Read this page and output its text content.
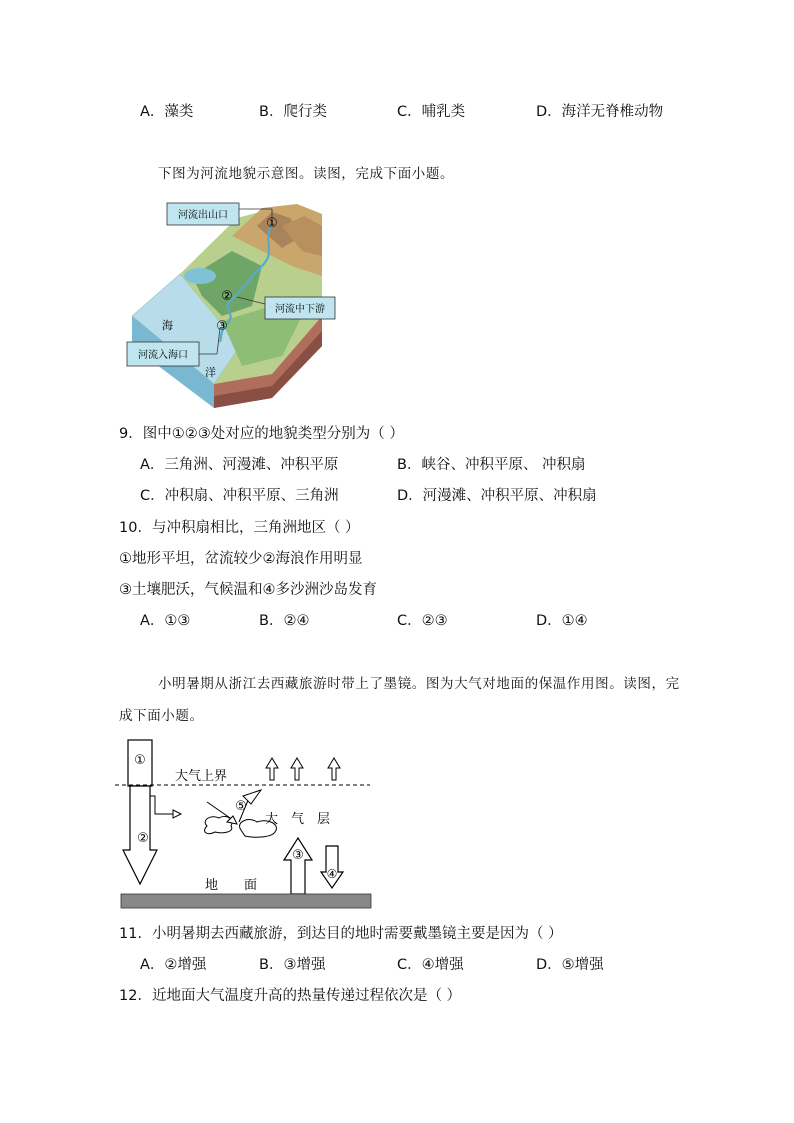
A．藻类	B．爬行类	C．哺乳类	D．海洋无脊椎动物
下图为河流地貌示意图。读图，完成下面小题。
河流出山口
河流中下游
河流入海口
①
②
③
海
洋
9．图中①②③处对应的地貌类型分别为（ ）
A．三角洲、河漫滩、冲积平原	B．峡谷、冲积平原、 冲积扇
C．冲积扇、冲积平原、三角洲	D．河漫滩、冲积平原、冲积扇
10．与冲积扇相比，三角洲地区（ ）
①地形平坦，岔流较少②海浪作用明显
③土壤肥沃，气候温和④多沙洲沙岛发育
A．①③	B．②④	C．②③	D．①④
小明暑期从浙江去西藏旅游时带上了墨镜。图为大气对地面的保温作用图。读图，完
成下面小题。
①
大气上界
②
⑤
大　气　层
③
④
地　　面
11．小明暑期去西藏旅游，到达目的地时需要戴墨镜主要是因为（ ）
A．②增强	B．③增强	C．④增强	D．⑤增强
12．近地面大气温度升高的热量传递过程依次是（ ）
